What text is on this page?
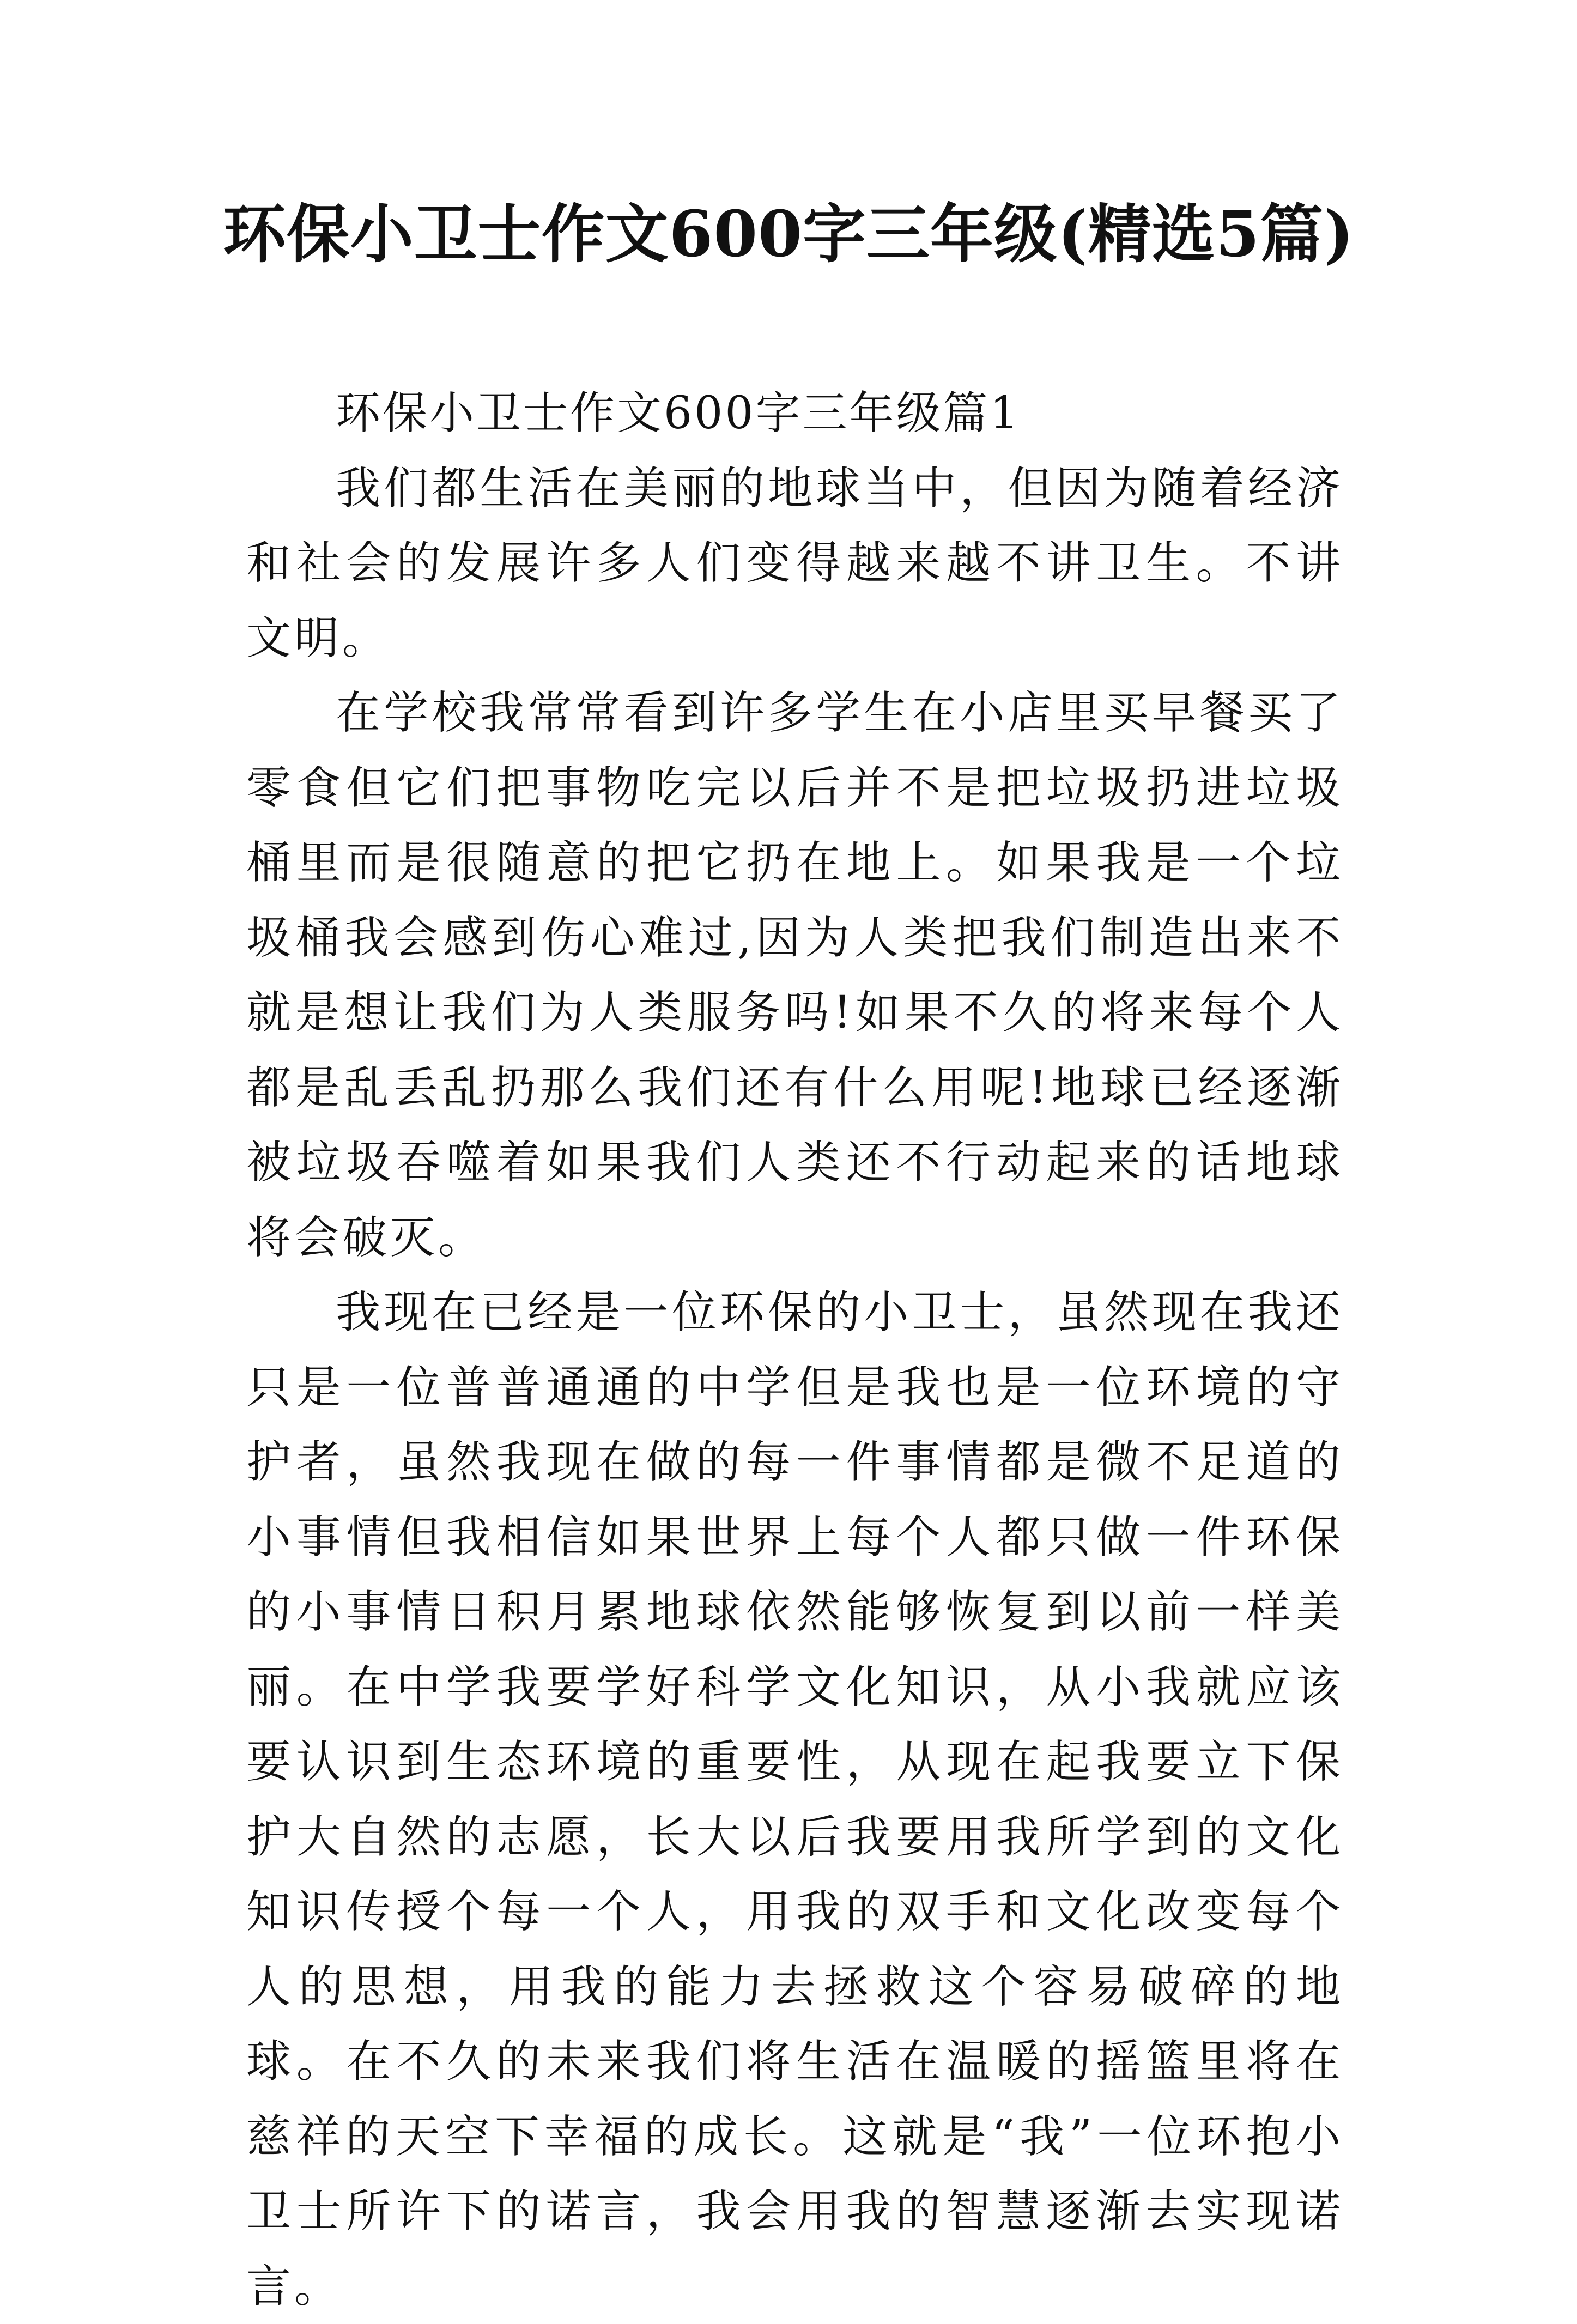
环保小卫士作文600字三年级(精选5篇)

环保小卫士作文600字三年级篇1

我们都生活在美丽的地球当中，但因为随着经济和社会的发展许多人们变得越来越不讲卫生。不讲文明。

在学校我常常看到许多学生在小店里买早餐买了零食但它们把事物吃完以后并不是把垃圾扔进垃圾桶里而是很随意的把它扔在地上。如果我是一个垃圾桶我会感到伤心难过,因为人类把我们制造出来不就是想让我们为人类服务吗!如果不久的将来每个人都是乱丢乱扔那么我们还有什么用呢!地球已经逐渐被垃圾吞噬着如果我们人类还不行动起来的话地球将会破灭。

我现在已经是一位环保的小卫士，虽然现在我还只是一位普普通通的中学但是我也是一位环境的守护者，虽然我现在做的每一件事情都是微不足道的小事情但我相信如果世界上每个人都只做一件环保的小事情日积月累地球依然能够恢复到以前一样美丽。在中学我要学好科学文化知识，从小我就应该要认识到生态环境的重要性，从现在起我要立下保护大自然的志愿，长大以后我要用我所学到的文化知识传授个每一个人，用我的双手和文化改变每个人的思想，用我的能力去拯救这个容易破碎的地球。在不久的未来我们将生活在温暖的摇篮里将在慈祥的天空下幸福的成长。这就是“我”一位环抱小卫士所许下的诺言，我会用我的智慧逐渐去实现诺言。
